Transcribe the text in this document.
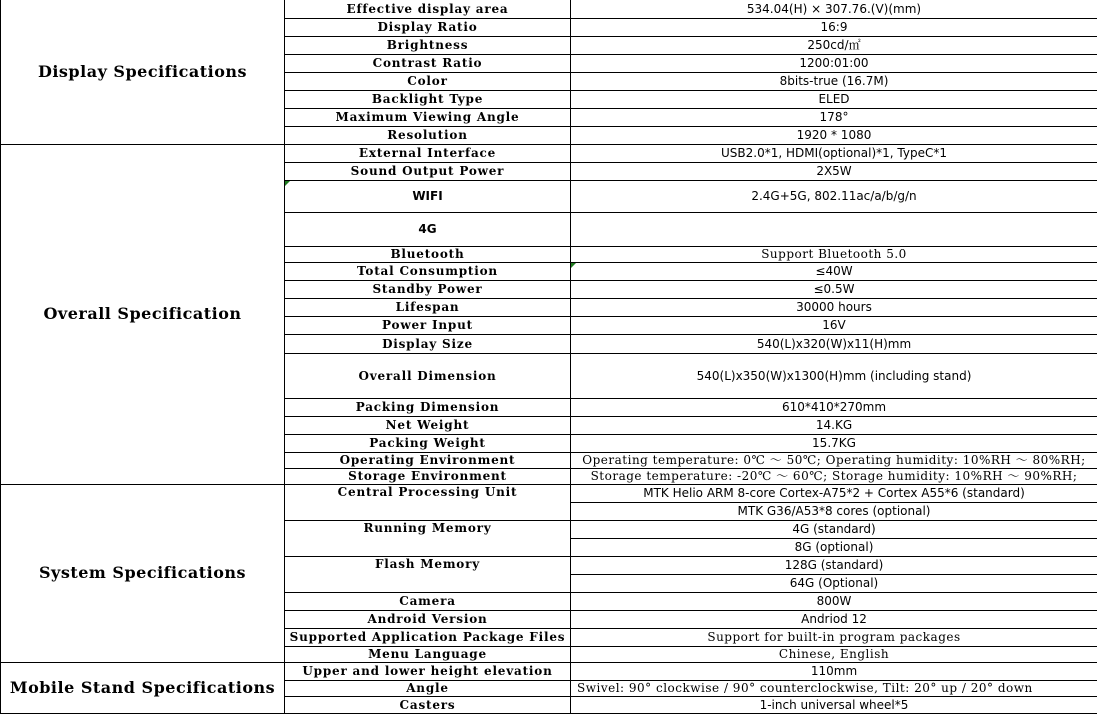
Display Specifications	Effective display area	534.04(H) × 307.76.(V)(mm)
	Display Ratio	16:9
	Brightness	250cd/㎡
	Contrast Ratio	1200:01:00
	Color	8bits-true (16.7M)
	Backlight Type	ELED
	Maximum Viewing Angle	178°
	Resolution	1920 * 1080
Overall Specification	External Interface	USB2.0*1, HDMI(optional)*1, TypeC*1
	Sound Output Power	2X5W
	WIFI	2.4G+5G, 802.11ac/a/b/g/n
	4G	
	Bluetooth	Support Bluetooth 5.0
	Total Consumption	≤40W
	Standby Power	≤0.5W
	Lifespan	30000 hours
	Power Input	16V
	Display Size	540(L)x320(W)x11(H)mm
	Overall Dimension	540(L)x350(W)x1300(H)mm (including stand)
	Packing Dimension	610*410*270mm
	Net Weight	14.KG
	Packing Weight	15.7KG
	Operating Environment	Operating temperature: 0℃ ～ 50℃; Operating humidity: 10%RH ～ 80%RH;
	Storage Environment	Storage temperature: -20℃ ～ 60℃; Storage humidity: 10%RH ～ 90%RH;
System Specifications	Central Processing Unit	MTK Helio ARM 8-core Cortex-A75*2 + Cortex A55*6 (standard)
		MTK G36/A53*8 cores (optional)
	Running Memory	4G (standard)
		8G (optional)
	Flash Memory	128G (standard)
		64G (Optional)
	Camera	800W
	Android Version	Andriod 12
	Supported Application Package Files	Support for built-in program packages
	Menu Language	Chinese, English
Mobile Stand Specifications	Upper and lower height elevation	110mm
	Angle	Swivel: 90° clockwise / 90° counterclockwise, Tilt: 20° up / 20° down
	Casters	1-inch universal wheel*5
